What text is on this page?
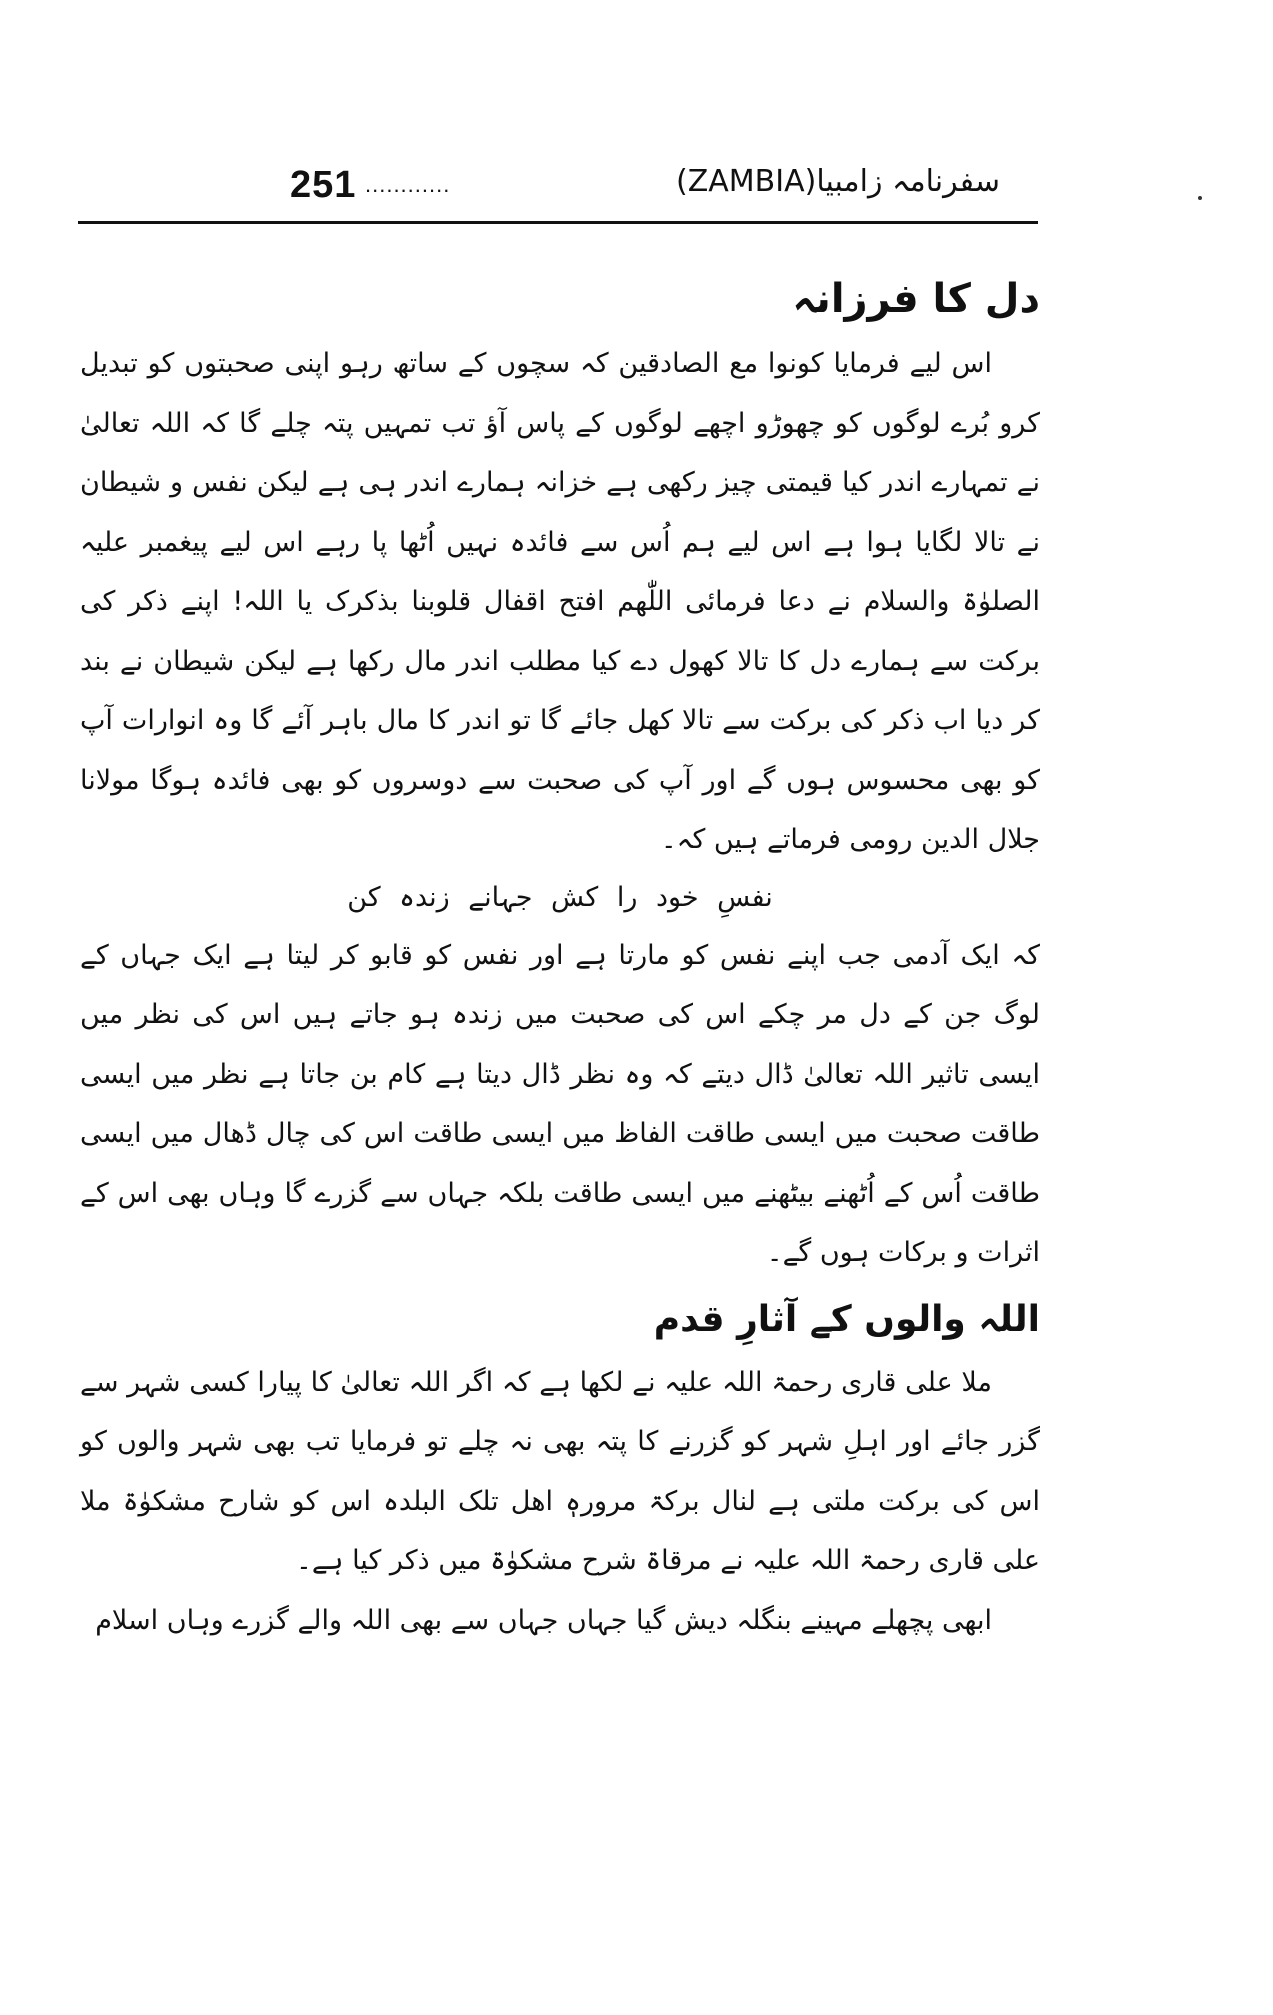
251 ............	سفرنامہ زامبیا(ZAMBIA)
دل کا فرزانہ

اس لیے فرمایا کونوا مع الصادقین کہ سچوں کے ساتھ رہو اپنی صحبتوں کو تبدیل کرو بُرے لوگوں کو چھوڑو اچھے لوگوں کے پاس آؤ تب تمہیں پتہ چلے گا کہ اللہ تعالیٰ نے تمہارے اندر کیا قیمتی چیز رکھی ہے خزانہ ہمارے اندر ہی ہے لیکن نفس و شیطان نے تالا لگایا ہوا ہے اس لیے ہم اُس سے فائدہ نہیں اُٹھا پا رہے اس لیے پیغمبر علیہ الصلوٰۃ والسلام نے دعا فرمائی اللّٰھم افتح اقفال قلوبنا بذکرک یا اللہ! اپنے ذکر کی برکت سے ہمارے دل کا تالا کھول دے کیا مطلب اندر مال رکھا ہے لیکن شیطان نے بند کر دیا اب ذکر کی برکت سے تالا کھل جائے گا تو اندر کا مال باہر آئے گا وہ انوارات آپ کو بھی محسوس ہوں گے اور آپ کی صحبت سے دوسروں کو بھی فائدہ ہوگا مولانا جلال الدین رومی فرماتے ہیں کہ۔

نفسِ خود را کش جہانے زندہ کن

کہ ایک آدمی جب اپنے نفس کو مارتا ہے اور نفس کو قابو کر لیتا ہے ایک جہاں کے لوگ جن کے دل مر چکے اس کی صحبت میں زندہ ہو جاتے ہیں اس کی نظر میں ایسی تاثیر اللہ تعالیٰ ڈال دیتے کہ وہ نظر ڈال دیتا ہے کام بن جاتا ہے نظر میں ایسی طاقت صحبت میں ایسی طاقت الفاظ میں ایسی طاقت اس کی چال ڈھال میں ایسی طاقت اُس کے اُٹھنے بیٹھنے میں ایسی طاقت بلکہ جہاں سے گزرے گا وہاں بھی اس کے اثرات و برکات ہوں گے۔

اللہ والوں کے آثارِ قدم

ملا علی قاری رحمۃ اللہ علیہ نے لکھا ہے کہ اگر اللہ تعالیٰ کا پیارا کسی شہر سے گزر جائے اور اہلِ شہر کو گزرنے کا پتہ بھی نہ چلے تو فرمایا تب بھی شہر والوں کو اس کی برکت ملتی ہے لنال برکۃ مرورہٖ اھل تلک البلدہ اس کو شارح مشکوٰۃ ملا علی قاری رحمۃ اللہ علیہ نے مرقاۃ شرح مشکوٰۃ میں ذکر کیا ہے۔

ابھی پچھلے مہینے بنگلہ دیش گیا جہاں جہاں سے بھی اللہ والے گزرے وہاں اسلام
